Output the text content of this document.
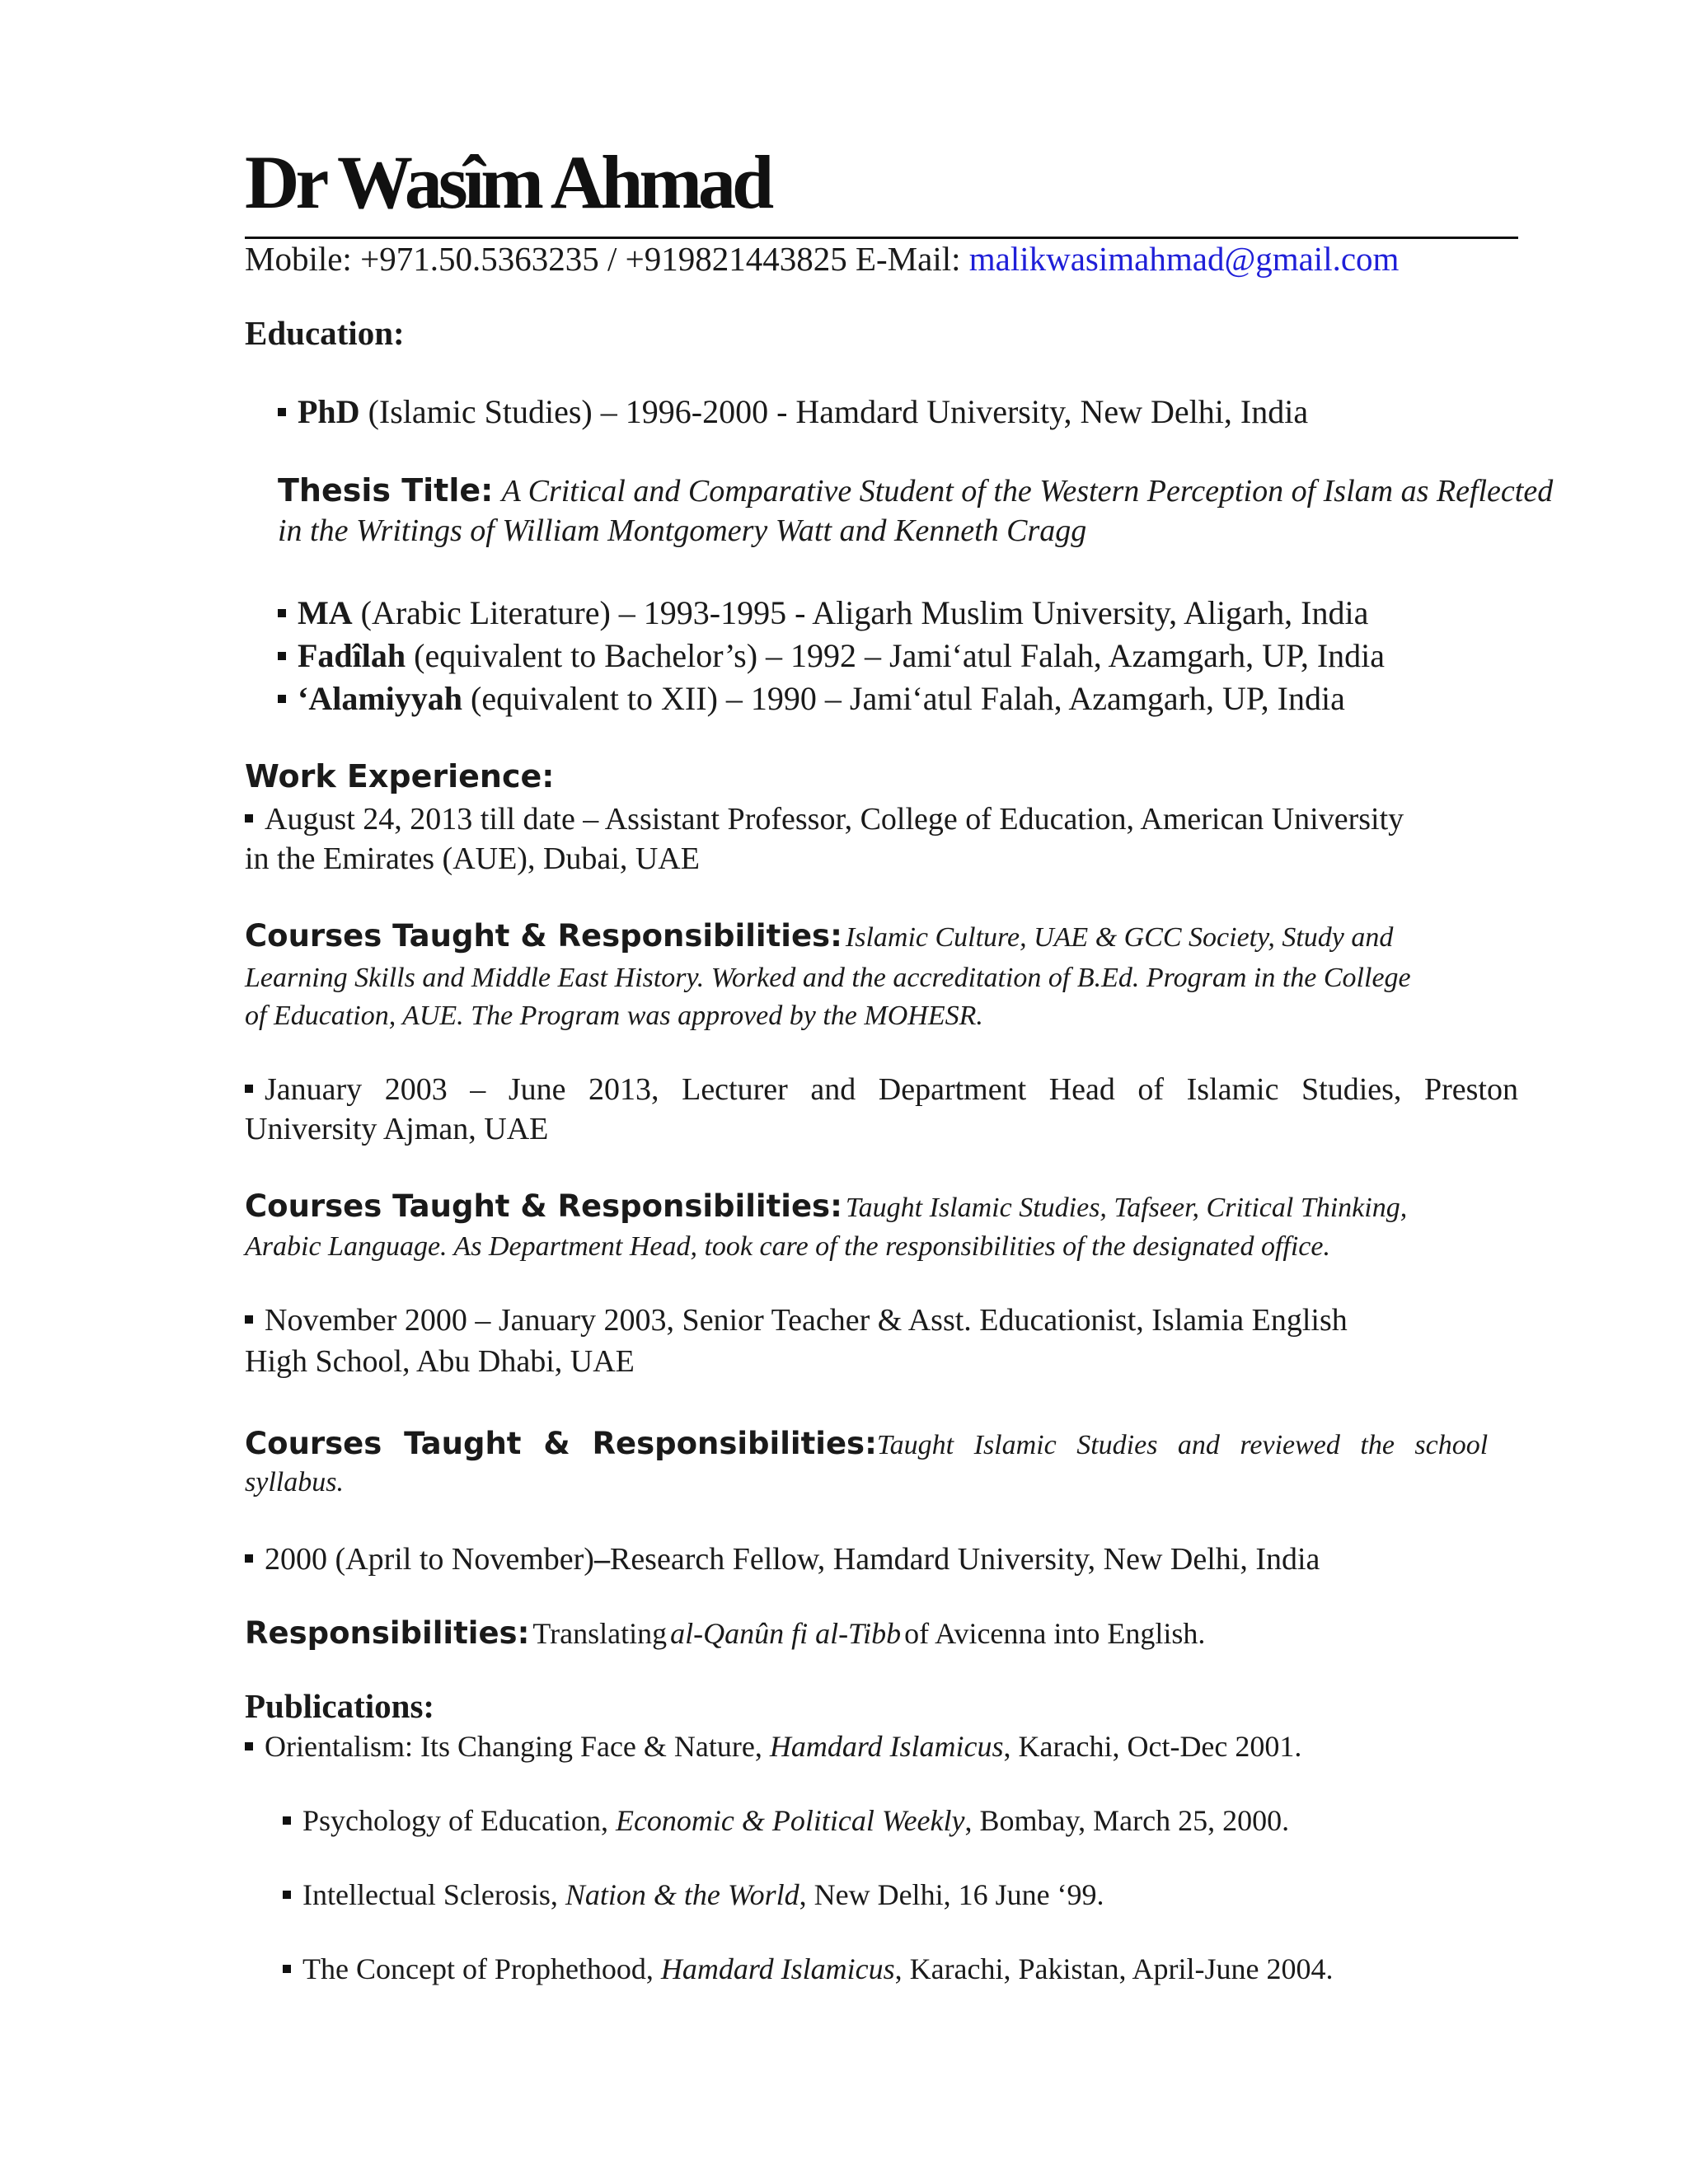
Dr Wasîm Ahmad
Mobile: +971.50.5363235 / +919821443825 E-Mail: malikwasimahmad@gmail.com
Education:
PhD (Islamic Studies) – 1996-2000 - Hamdard University, New Delhi, India
Thesis Title: A Critical and Comparative Student of the Western Perception of Islam as Reflected
in the Writings of William Montgomery Watt and Kenneth Cragg
MA (Arabic Literature) – 1993-1995 - Aligarh Muslim University, Aligarh, India
Fadîlah (equivalent to Bachelor’s) – 1992 – Jami‘atul Falah, Azamgarh, UP, India
‘Alamiyyah (equivalent to XII) – 1990 – Jami‘atul Falah, Azamgarh, UP, India
Work Experience:
August 24, 2013 till date – Assistant Professor, College of Education, American University
in the Emirates (AUE), Dubai, UAE
Courses Taught & Responsibilities: Islamic Culture, UAE & GCC Society, Study and
Learning Skills and Middle East History. Worked and the accreditation of B.Ed. Program in the College
of Education, AUE. The Program was approved by the MOHESR.
January 2003 – June 2013, Lecturer and Department Head of Islamic Studies, Preston
University Ajman, UAE
Courses Taught & Responsibilities: Taught Islamic Studies, Tafseer, Critical Thinking,
Arabic Language. As Department Head, took care of the responsibilities of the designated office.
November 2000 – January 2003, Senior Teacher & Asst. Educationist, Islamia English
High School, Abu Dhabi, UAE
Courses Taught & Responsibilities: Taught Islamic Studies and reviewed the school
syllabus.
2000 (April to November)–Research Fellow, Hamdard University, New Delhi, India
Responsibilities: Translating al-Qanûn fi al-Tibb of Avicenna into English.
Publications:
Orientalism: Its Changing Face & Nature, Hamdard Islamicus, Karachi, Oct-Dec 2001.
Psychology of Education, Economic & Political Weekly, Bombay, March 25, 2000.
Intellectual Sclerosis, Nation & the World, New Delhi, 16 June ‘99.
The Concept of Prophethood, Hamdard Islamicus, Karachi, Pakistan, April-June 2004.
